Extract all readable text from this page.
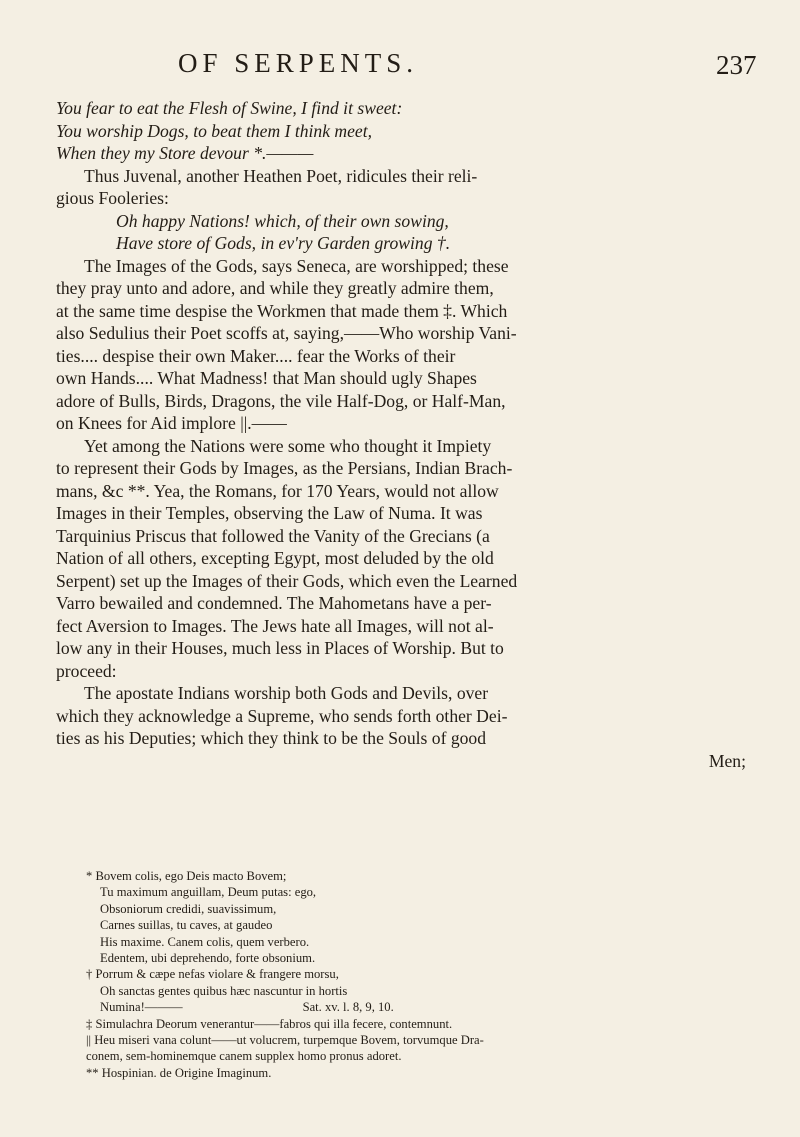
OF SERPENTS.	237
You fear to eat the Flesh of Swine, I find it sweet:
You worship Dogs, to beat them I think meet,
When they my Store devour *.———
Thus Juvenal, another Heathen Poet, ridicules their reli-
gious Fooleries:
Oh happy Nations! which, of their own sowing,
Have store of Gods, in ev'ry Garden growing †.
The Images of the Gods, says Seneca, are worshipped; these
they pray unto and adore, and while they greatly admire them,
at the same time despise the Workmen that made them ‡. Which
also Sedulius their Poet scoffs at, saying,——Who worship Vani-
ties.... despise their own Maker.... fear the Works of their
own Hands.... What Madness! that Man should ugly Shapes
adore of Bulls, Birds, Dragons, the vile Half-Dog, or Half-Man,
on Knees for Aid implore ||.——
Yet among the Nations were some who thought it Impiety
to represent their Gods by Images, as the Persians, Indian Brach-
mans, &c **. Yea, the Romans, for 170 Years, would not allow
Images in their Temples, observing the Law of Numa. It was
Tarquinius Priscus that followed the Vanity of the Grecians (a
Nation of all others, excepting Egypt, most deluded by the old
Serpent) set up the Images of their Gods, which even the Learned
Varro bewailed and condemned. The Mahometans have a per-
fect Aversion to Images. The Jews hate all Images, will not al-
low any in their Houses, much less in Places of Worship. But to
proceed:
The apostate Indians worship both Gods and Devils, over
which they acknowledge a Supreme, who sends forth other Dei-
ties as his Deputies; which they think to be the Souls of good
Men;
* Bovem colis, ego Deis macto Bovem;
Tu maximum anguillam, Deum putas: ego,
Obsoniorum credidi, suavissimum,
Carnes suillas, tu caves, at gaudeo
His maxime. Canem colis, quem verbero.
Edentem, ubi deprehendo, forte obsonium.
† Porrum & cæpe nefas violare & frangere morsu,
Oh sanctas gentes quibus hæc nascuntur in hortis
Numina!———	Sat. xv. l. 8, 9, 10.
‡ Simulachra Deorum venerantur——fabros qui illa fecere, contemnunt.
|| Heu miseri vana colunt——ut volucrem, turpemque Bovem, torvumque Dra-
conem, sem-hominemque canem supplex homo pronus adoret.
** Hospinian. de Origine Imaginum.
